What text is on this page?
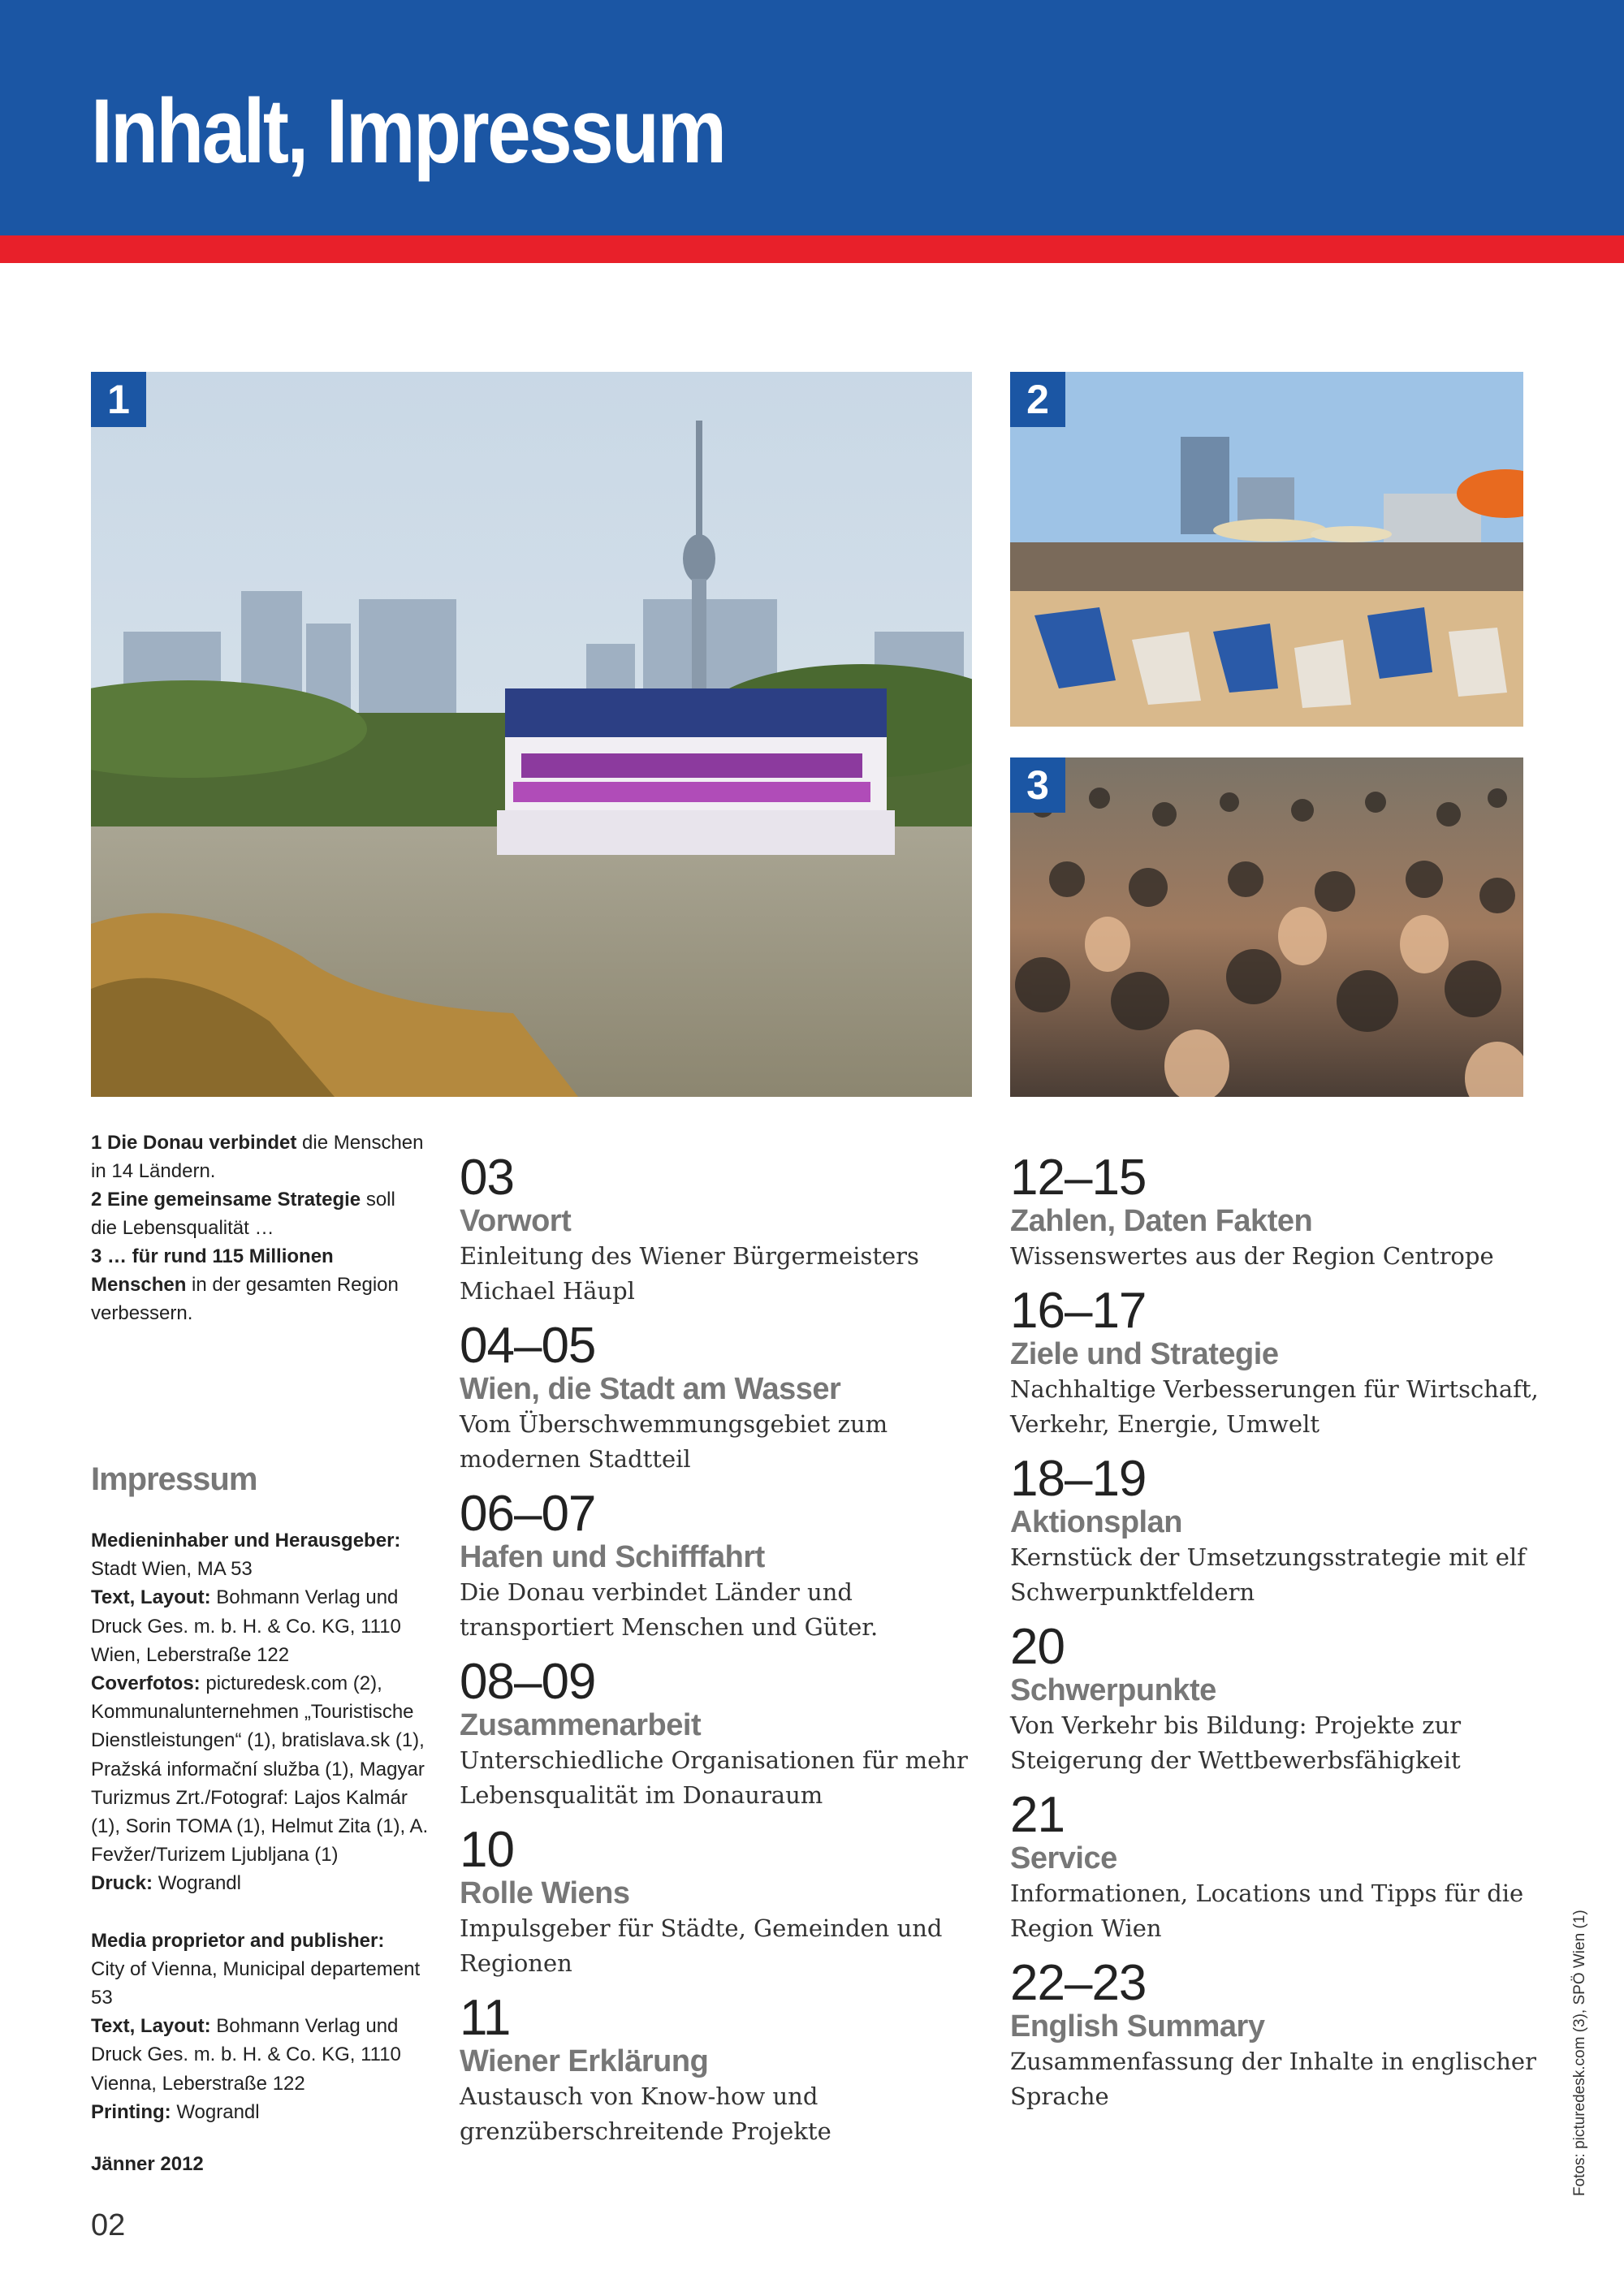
Inhalt, Impressum
1	2
3
1 Die Donau verbindet die Menschen in 14 Ländern.
2 Eine gemeinsame Strategie soll die Lebensqualität …
3 … für rund 115 Millionen Menschen in der gesamten Region verbessern.
Impressum

Medieninhaber und Herausgeber:
Stadt Wien, MA 53
Text, Layout: Bohmann Verlag und Druck Ges. m. b. H. & Co. KG, 1110 Wien, Leberstraße 122
Coverfotos: picturedesk.com (2), Kommunalunternehmen „Touristische Dienstleistungen“ (1), bratislava.sk (1), Pražská informační služba (1), Magyar Turizmus Zrt./Fotograf: Lajos Kalmár (1), Sorin TOMA (1), Helmut Zita (1), A. Fevžer/Turizem Ljubljana (1)
Druck: Wograndl

Media proprietor and publisher:
City of Vienna, Municipal departement 53
Text, Layout: Bohmann Verlag und Druck Ges. m. b. H. & Co. KG, 1110 Vienna, Leberstraße 122
Printing: Wograndl

Jänner 2012
02
03
Vorwort
Einleitung des Wiener Bürgermeisters Michael Häupl
04–05
Wien, die Stadt am Wasser
Vom Überschwemmungsgebiet zum modernen Stadtteil
06–07
Hafen und Schifffahrt
Die Donau verbindet Länder und transportiert Menschen und Güter.
08–09
Zusammenarbeit
Unterschiedliche Organisationen für mehr Lebensqualität im Donauraum
10
Rolle Wiens
Impulsgeber für Städte, Gemeinden und Regionen
11
Wiener Erklärung
Austausch von Know-how und grenzüberschreitende Projekte
12–15
Zahlen, Daten Fakten
Wissenswertes aus der Region Centrope
16–17
Ziele und Strategie
Nachhaltige Verbesserungen für Wirtschaft, Verkehr, Energie, Umwelt
18–19
Aktionsplan
Kernstück der Umsetzungsstrategie mit elf Schwerpunktfeldern
20
Schwerpunkte
Von Verkehr bis Bildung: Projekte zur Steigerung der Wettbewerbsfähigkeit
21
Service
Informationen, Locations und Tipps für die Region Wien
22–23
English Summary
Zusammenfassung der Inhalte in englischer Sprache	Fotos: picturedesk.com (3), SPÖ Wien (1)
